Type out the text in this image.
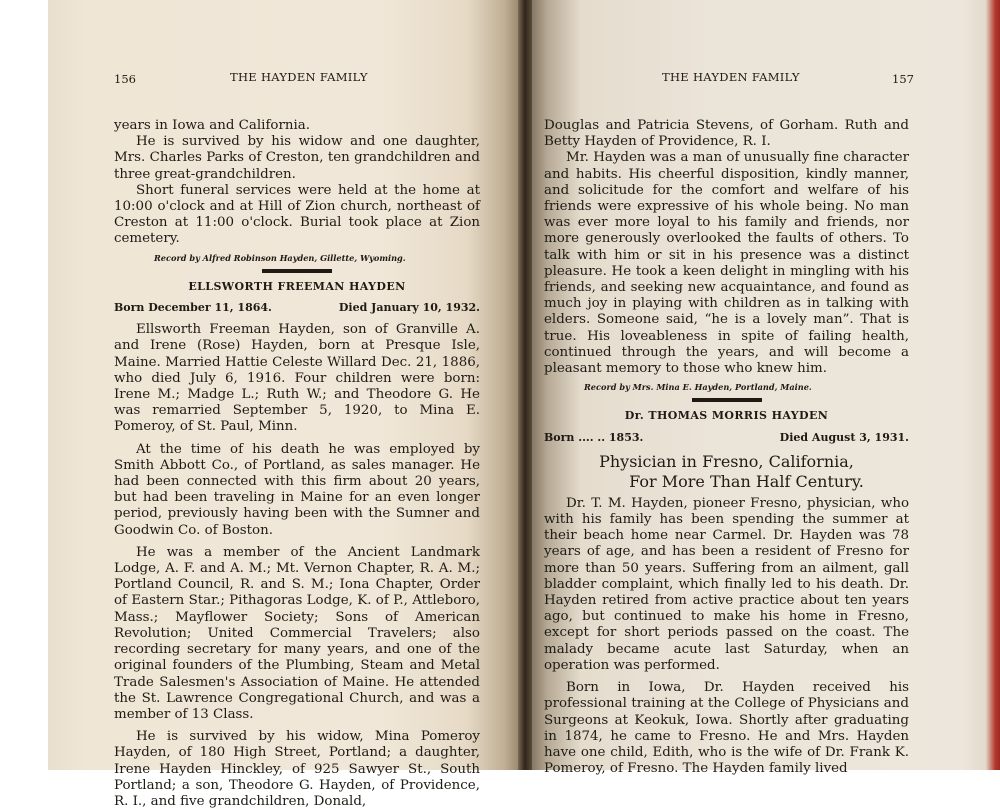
156	THE HAYDEN FAMILY

years in Iowa and California.

He is survived by his widow and one daughter, Mrs. Charles Parks of Creston, ten grandchildren and three great-grandchildren.

Short funeral services were held at the home at 10:00 o'clock and at Hill of Zion church, northeast of Creston at 11:00 o'clock. Burial took place at Zion cemetery.

Record by Alfred Robinson Hayden, Gillette, Wyoming.
ELLSWORTH FREEMAN HAYDEN
Born December 11, 1864.	Died January 10, 1932.

Ellsworth Freeman Hayden, son of Granville A. and Irene (Rose) Hayden, born at Presque Isle, Maine. Married Hattie Celeste Willard Dec. 21, 1886, who died July 6, 1916. Four children were born: Irene M.; Madge L.; Ruth W.; and Theodore G. He was remarried September 5, 1920, to Mina E. Pomeroy, of St. Paul, Minn.

At the time of his death he was employed by Smith Abbott Co., of Portland, as sales manager. He had been connected with this firm about 20 years, but had been traveling in Maine for an even longer period, previously having been with the Sumner and Goodwin Co. of Boston.

He was a member of the Ancient Landmark Lodge, A. F. and A. M.; Mt. Vernon Chapter, R. A. M.; Portland Council, R. and S. M.; Iona Chapter, Order of Eastern Star.; Pithagoras Lodge, K. of P., Attleboro, Mass.; Mayflower Society; Sons of American Revolution; United Commercial Travelers; also recording secretary for many years, and one of the original founders of the Plumbing, Steam and Metal Trade Salesmen's Association of Maine. He attended the St. Lawrence Congregational Church, and was a member of 13 Class.

He is survived by his widow, Mina Pomeroy Hayden, of 180 High Street, Portland; a daughter, Irene Hayden Hinckley, of 925 Sawyer St., South Portland; a son, Theodore G. Hayden, of Providence, R. I., and five grandchildren, Donald,

THE HAYDEN FAMILY	157

Douglas and Patricia Stevens, of Gorham. Ruth and Betty Hayden of Providence, R. I.

Mr. Hayden was a man of unusually fine character and habits. His cheerful disposition, kindly manner, and solicitude for the comfort and welfare of his friends were expressive of his whole being. No man was ever more loyal to his family and friends, nor more generously overlooked the faults of others. To talk with him or sit in his presence was a distinct pleasure. He took a keen delight in mingling with his friends, and seeking new acquaintance, and found as much joy in playing with children as in talking with elders. Someone said, “he is a lovely man”. That is true. His loveableness in spite of failing health, continued through the years, and will become a pleasant memory to those who knew him.

Record by Mrs. Mina E. Hayden, Portland, Maine.
Dr. THOMAS MORRIS HAYDEN
Born .... .. 1853.	Died August 3, 1931.
Physician in Fresno, California,
For More Than Half Century.

Dr. T. M. Hayden, pioneer Fresno, physician, who with his family has been spending the summer at their beach home near Carmel. Dr. Hayden was 78 years of age, and has been a resident of Fresno for more than 50 years. Suffering from an ailment, gall bladder complaint, which finally led to his death. Dr. Hayden retired from active practice about ten years ago, but continued to make his home in Fresno, except for short periods passed on the coast. The malady became acute last Saturday, when an operation was performed.

Born in Iowa, Dr. Hayden received his professional training at the College of Physicians and Surgeons at Keokuk, Iowa. Shortly after graduating in 1874, he came to Fresno. He and Mrs. Hayden have one child, Edith, who is the wife of Dr. Frank K. Pomeroy, of Fresno. The Hayden family lived
